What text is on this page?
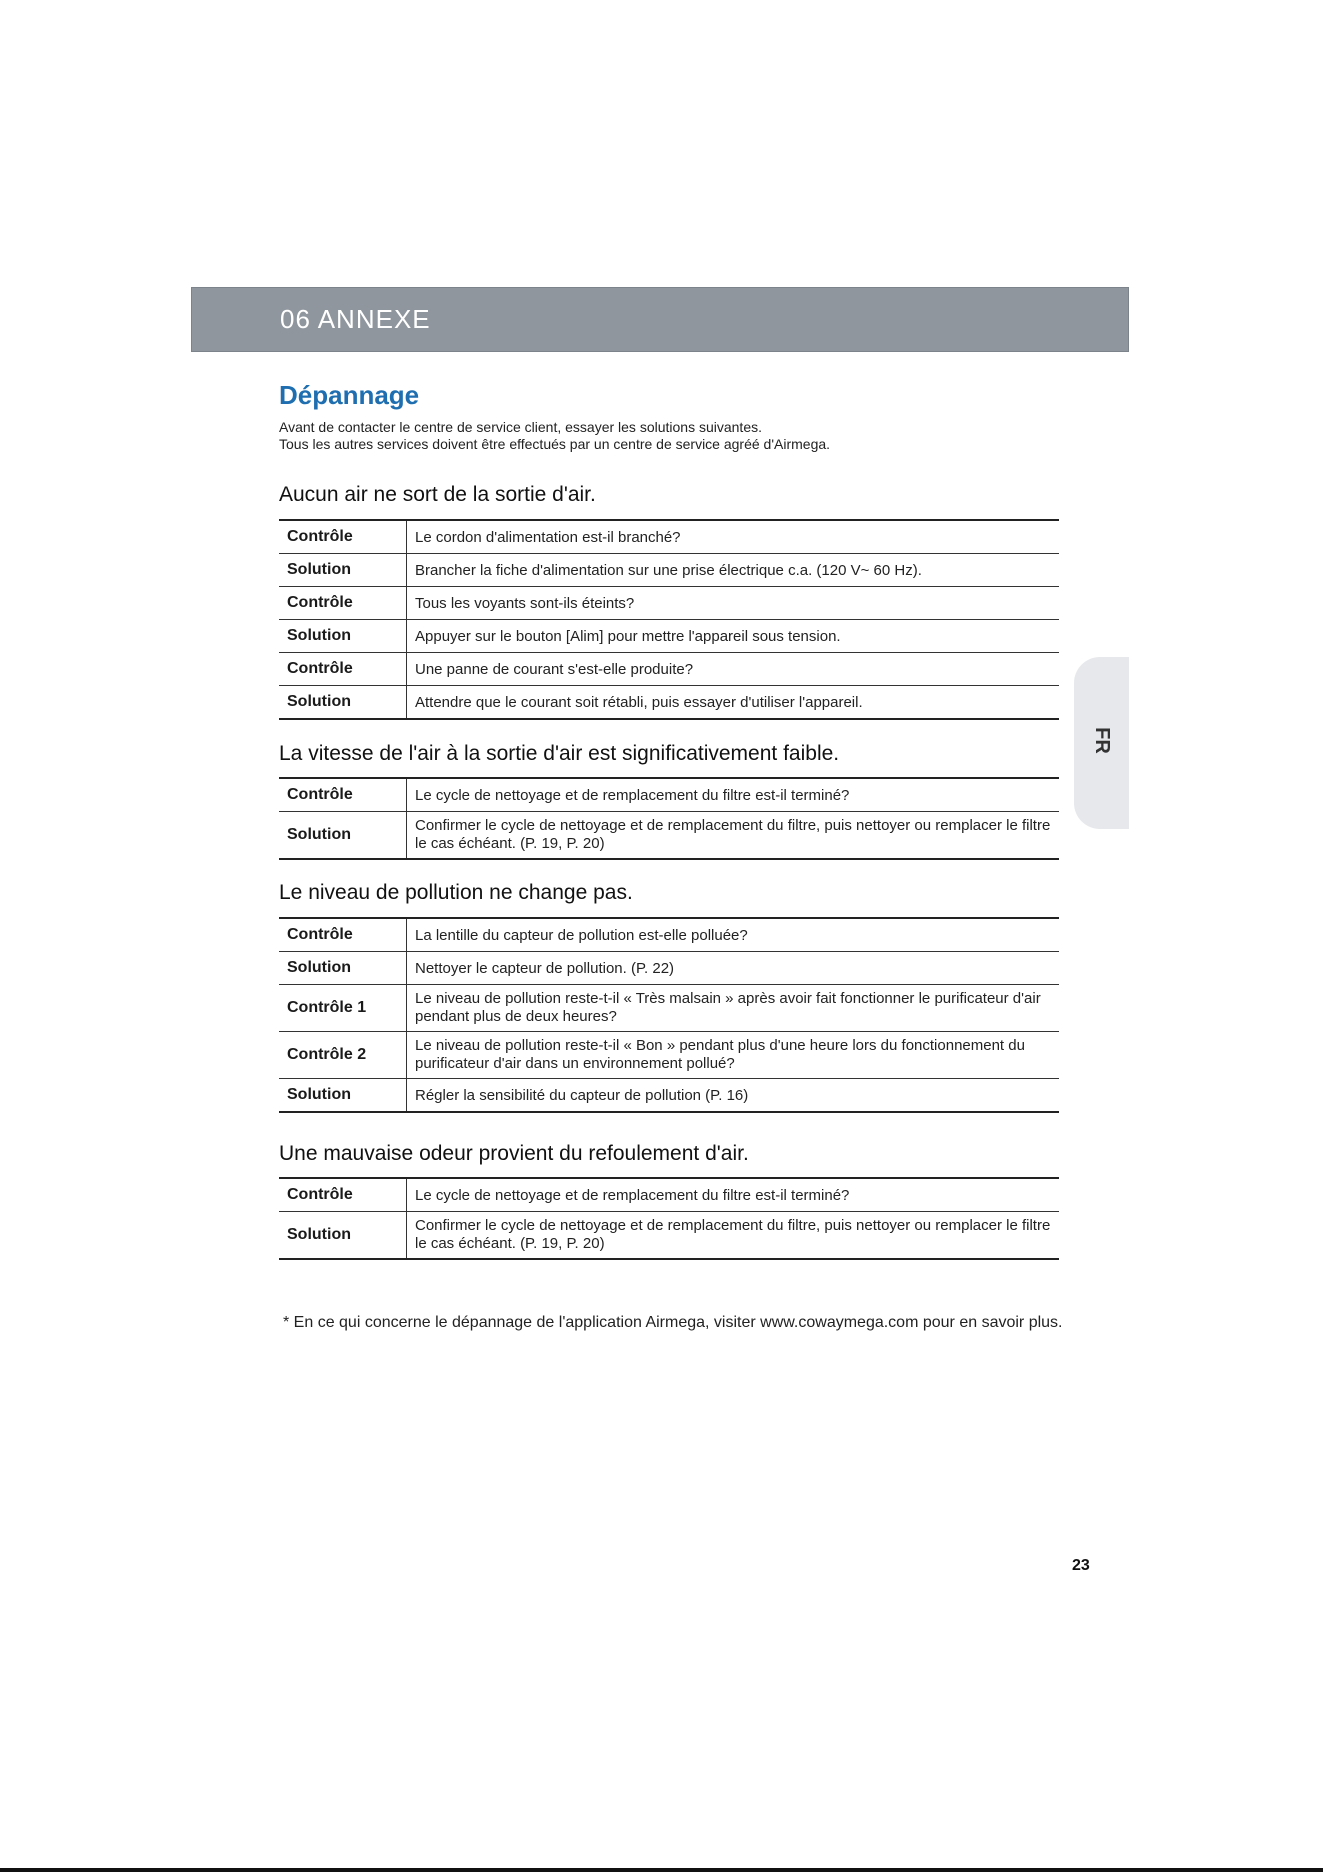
06 ANNEXE
Dépannage
Avant de contacter le centre de service client, essayer les solutions suivantes.
Tous les autres services doivent être effectués par un centre de service agréé d'Airmega.
Aucun air ne sort de la sortie d'air.
Contrôle	Le cordon d'alimentation est-il branché?
Solution	Brancher la fiche d'alimentation sur une prise électrique c.a. (120 V~ 60 Hz).
Contrôle	Tous les voyants sont-ils éteints?
Solution	Appuyer sur le bouton [Alim] pour mettre l'appareil sous tension.
Contrôle	Une panne de courant s'est-elle produite?
Solution	Attendre que le courant soit rétabli, puis essayer d'utiliser l'appareil.
La vitesse de l'air à la sortie d'air est significativement faible.
Contrôle	Le cycle de nettoyage et de remplacement du filtre est-il terminé?
Solution	Confirmer le cycle de nettoyage et de remplacement du filtre, puis nettoyer ou remplacer le filtre le cas échéant. (P. 19, P. 20)
Le niveau de pollution ne change pas.
Contrôle	La lentille du capteur de pollution est-elle polluée?
Solution	Nettoyer le capteur de pollution. (P. 22)
Contrôle 1	Le niveau de pollution reste-t-il « Très malsain » après avoir fait fonctionner le purificateur d'air pendant plus de deux heures?
Contrôle 2	Le niveau de pollution reste-t-il « Bon » pendant plus d'une heure lors du fonctionnement du purificateur d'air dans un environnement pollué?
Solution	Régler la sensibilité du capteur de pollution (P. 16)
Une mauvaise odeur provient du refoulement d'air.
Contrôle	Le cycle de nettoyage et de remplacement du filtre est-il terminé?
Solution	Confirmer le cycle de nettoyage et de remplacement du filtre, puis nettoyer ou remplacer le filtre le cas échéant. (P. 19, P. 20)
FR
* En ce qui concerne le dépannage de l'application Airmega, visiter www.cowaymega.com pour en savoir plus.
23
